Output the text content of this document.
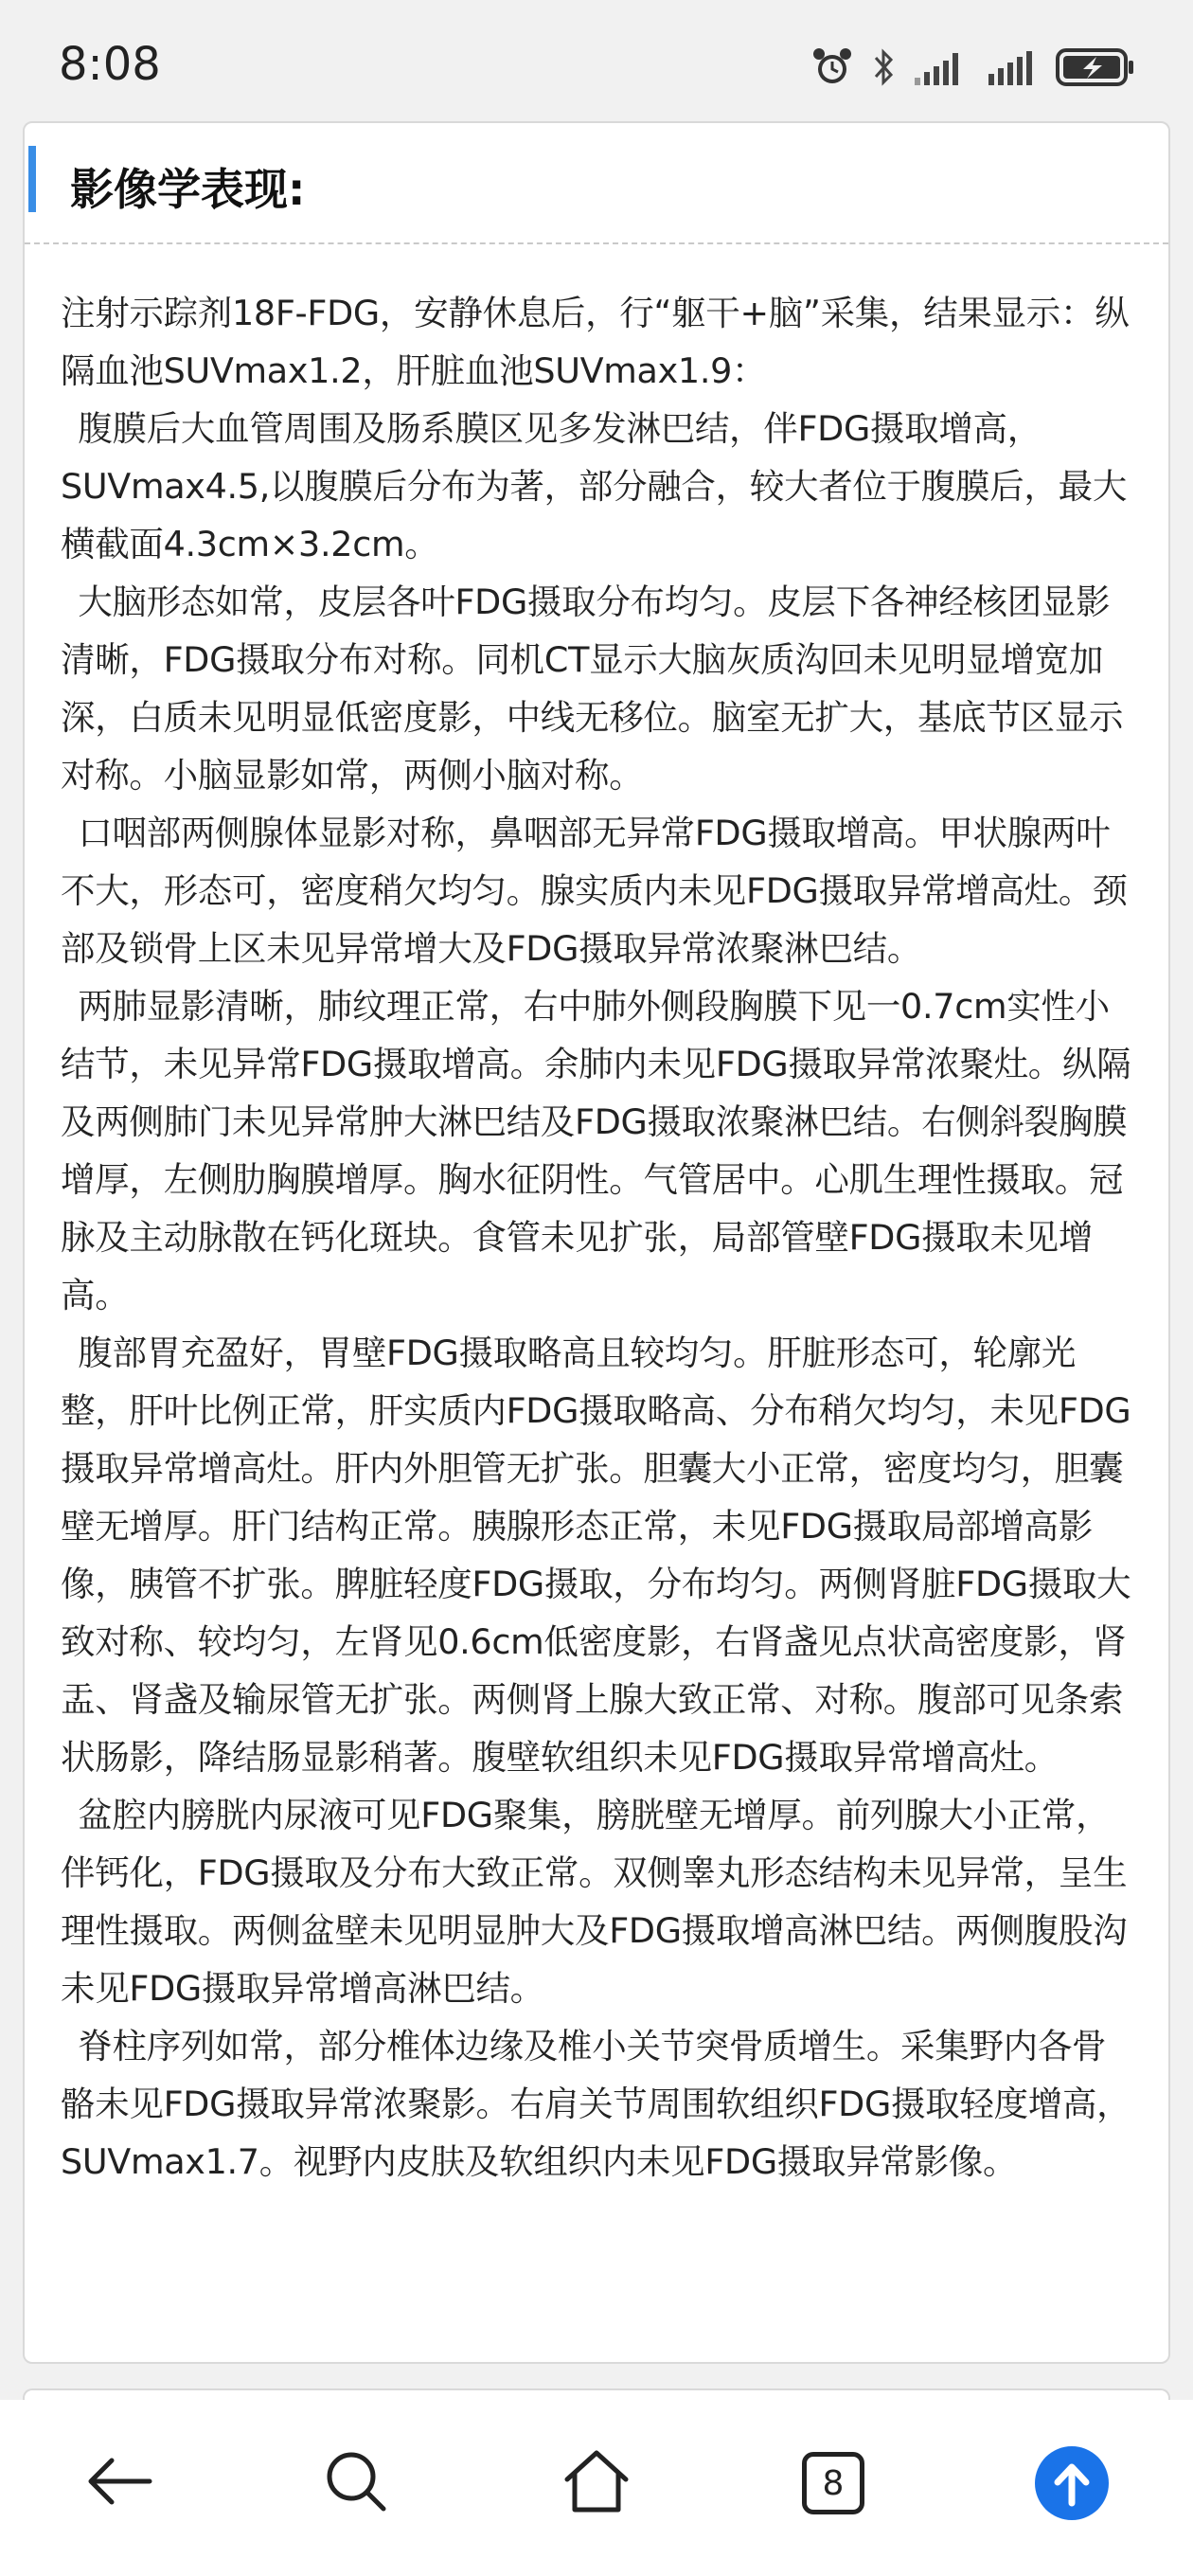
8:08
影像学表现:

注射示踪剂18F-FDG，安静休息后，行“躯干+脑”采集，结果显示：纵隔血池SUVmax1.2，肝脏血池SUVmax1.9：

腹膜后大血管周围及肠系膜区见多发淋巴结，伴FDG摄取增高，SUVmax4.5,以腹膜后分布为著，部分融合，较大者位于腹膜后，最大横截面4.3cm×3.2cm。

大脑形态如常，皮层各叶FDG摄取分布均匀。皮层下各神经核团显影清晰，FDG摄取分布对称。同机CT显示大脑灰质沟回未见明显增宽加深，白质未见明显低密度影，中线无移位。脑室无扩大，基底节区显示对称。小脑显影如常，两侧小脑对称。

口咽部两侧腺体显影对称，鼻咽部无异常FDG摄取增高。甲状腺两叶不大，形态可，密度稍欠均匀。腺实质内未见FDG摄取异常增高灶。颈部及锁骨上区未见异常增大及FDG摄取异常浓聚淋巴结。

两肺显影清晰，肺纹理正常，右中肺外侧段胸膜下见一0.7cm实性小结节，未见异常FDG摄取增高。余肺内未见FDG摄取异常浓聚灶。纵隔及两侧肺门未见异常肿大淋巴结及FDG摄取浓聚淋巴结。右侧斜裂胸膜增厚，左侧肋胸膜增厚。胸水征阴性。气管居中。心肌生理性摄取。冠脉及主动脉散在钙化斑块。食管未见扩张，局部管壁FDG摄取未见增高。

腹部胃充盈好，胃壁FDG摄取略高且较均匀。肝脏形态可，轮廓光整，肝叶比例正常，肝实质内FDG摄取略高、分布稍欠均匀，未见FDG摄取异常增高灶。肝内外胆管无扩张。胆囊大小正常，密度均匀，胆囊壁无增厚。肝门结构正常。胰腺形态正常，未见FDG摄取局部增高影像，胰管不扩张。脾脏轻度FDG摄取，分布均匀。两侧肾脏FDG摄取大致对称、较均匀，左肾见0.6cm低密度影，右肾盏见点状高密度影，肾盂、肾盏及输尿管无扩张。两侧肾上腺大致正常、对称。腹部可见条索状肠影，降结肠显影稍著。腹壁软组织未见FDG摄取异常增高灶。

盆腔内膀胱内尿液可见FDG聚集，膀胱壁无增厚。前列腺大小正常，伴钙化，FDG摄取及分布大致正常。双侧睾丸形态结构未见异常，呈生理性摄取。两侧盆壁未见明显肿大及FDG摄取增高淋巴结。两侧腹股沟未见FDG摄取异常增高淋巴结。

脊柱序列如常，部分椎体边缘及椎小关节突骨质增生。采集野内各骨骼未见FDG摄取异常浓聚影。右肩关节周围软组织FDG摄取轻度增高，SUVmax1.7。视野内皮肤及软组织内未见FDG摄取异常影像。

8
